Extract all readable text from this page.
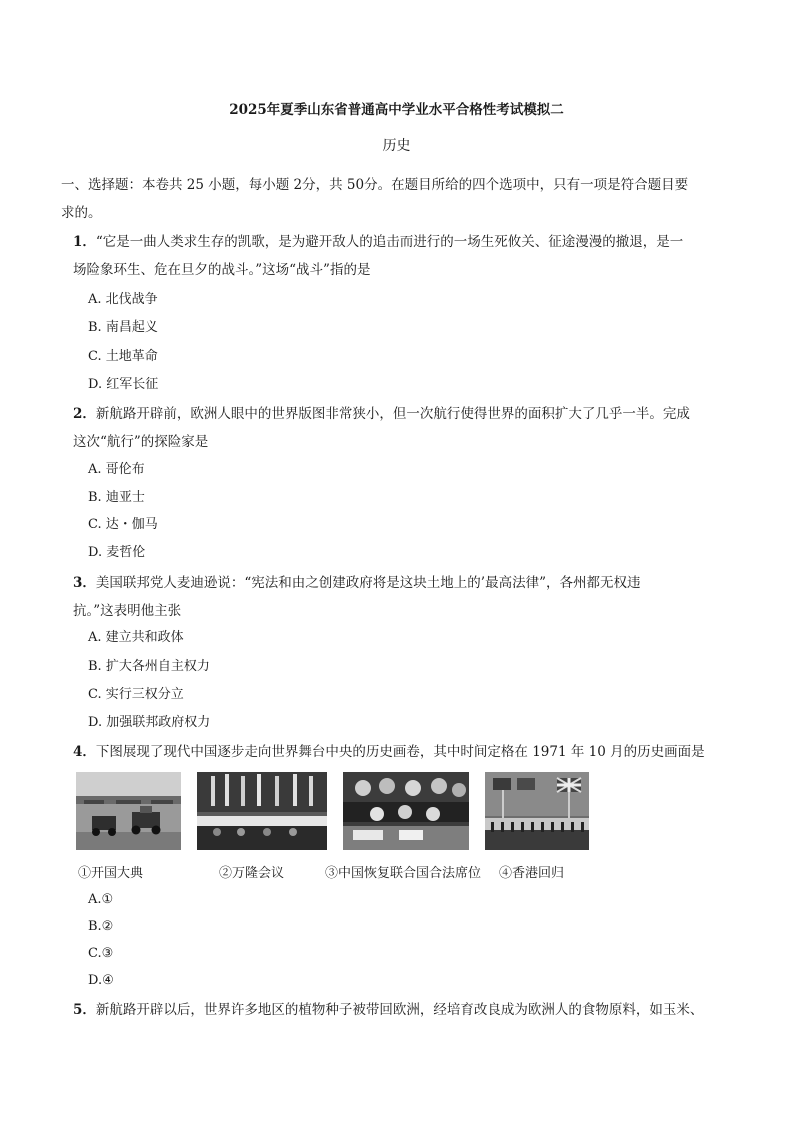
2025年夏季山东省普通高中学业水平合格性考试模拟二
历史
一、选择题：本卷共 25 小题，每小题 2分，共 50分。在题目所给的四个选项中，只有一项是符合题目要
求的。
1．“它是一曲人类求生存的凯歌，是为避开敌人的追击而进行的一场生死攸关、征途漫漫的撤退，是一
场险象环生、危在旦夕的战斗。”这场“战斗”指的是
A. 北伐战争
B. 南昌起义
C. 土地革命
D. 红军长征
2．新航路开辟前，欧洲人眼中的世界版图非常狭小，但一次航行使得世界的面积扩大了几乎一半。完成
这次“航行”的探险家是
A. 哥伦布
B. 迪亚士
C. 达・伽马
D. 麦哲伦
3．美国联邦党人麦迪逊说：“宪法和由之创建政府将是这块土地上的’最高法律”，各州都无权违
抗。”这表明他主张
A. 建立共和政体
B. 扩大各州自主权力
C. 实行三权分立
D. 加强联邦政府权力
4．下图展现了现代中国逐步走向世界舞台中央的历史画卷，其中时间定格在 1971 年 10 月的历史画面是
①开国大典	②万隆会议	③中国恢复联合国合法席位 ④香港回归
A.①
B.②
C.③
D.④
5．新航路开辟以后，世界许多地区的植物种子被带回欧洲，经培育改良成为欧洲人的食物原料，如玉米、
